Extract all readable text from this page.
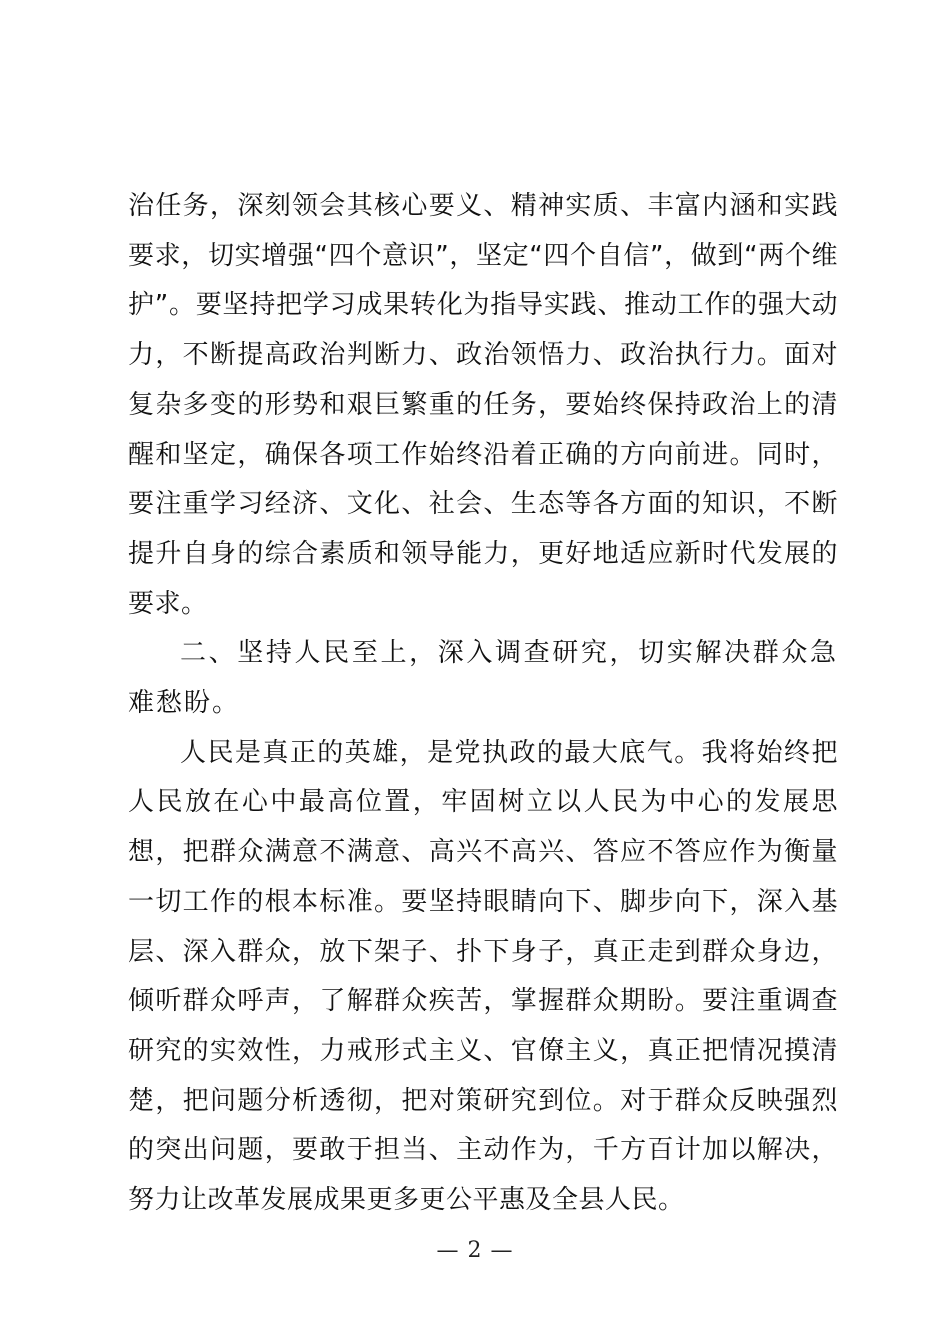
治任务，深刻领会其核心要义、精神实质、丰富内涵和实践要求，切实增强“四个意识”，坚定“四个自信”，做到“两个维护”。要坚持把学习成果转化为指导实践、推动工作的强大动力，不断提高政治判断力、政治领悟力、政治执行力。面对复杂多变的形势和艰巨繁重的任务，要始终保持政治上的清醒和坚定，确保各项工作始终沿着正确的方向前进。同时，要注重学习经济、文化、社会、生态等各方面的知识，不断提升自身的综合素质和领导能力，更好地适应新时代发展的要求。

二、坚持人民至上，深入调查研究，切实解决群众急难愁盼。

人民是真正的英雄，是党执政的最大底气。我将始终把人民放在心中最高位置，牢固树立以人民为中心的发展思想，把群众满意不满意、高兴不高兴、答应不答应作为衡量一切工作的根本标准。要坚持眼睛向下、脚步向下，深入基层、深入群众，放下架子、扑下身子，真正走到群众身边，倾听群众呼声，了解群众疾苦，掌握群众期盼。要注重调查研究的实效性，力戒形式主义、官僚主义，真正把情况摸清楚，把问题分析透彻，把对策研究到位。对于群众反映强烈的突出问题，要敢于担当、主动作为，千方百计加以解决，努力让改革发展成果更多更公平惠及全县人民。

— 2 —
